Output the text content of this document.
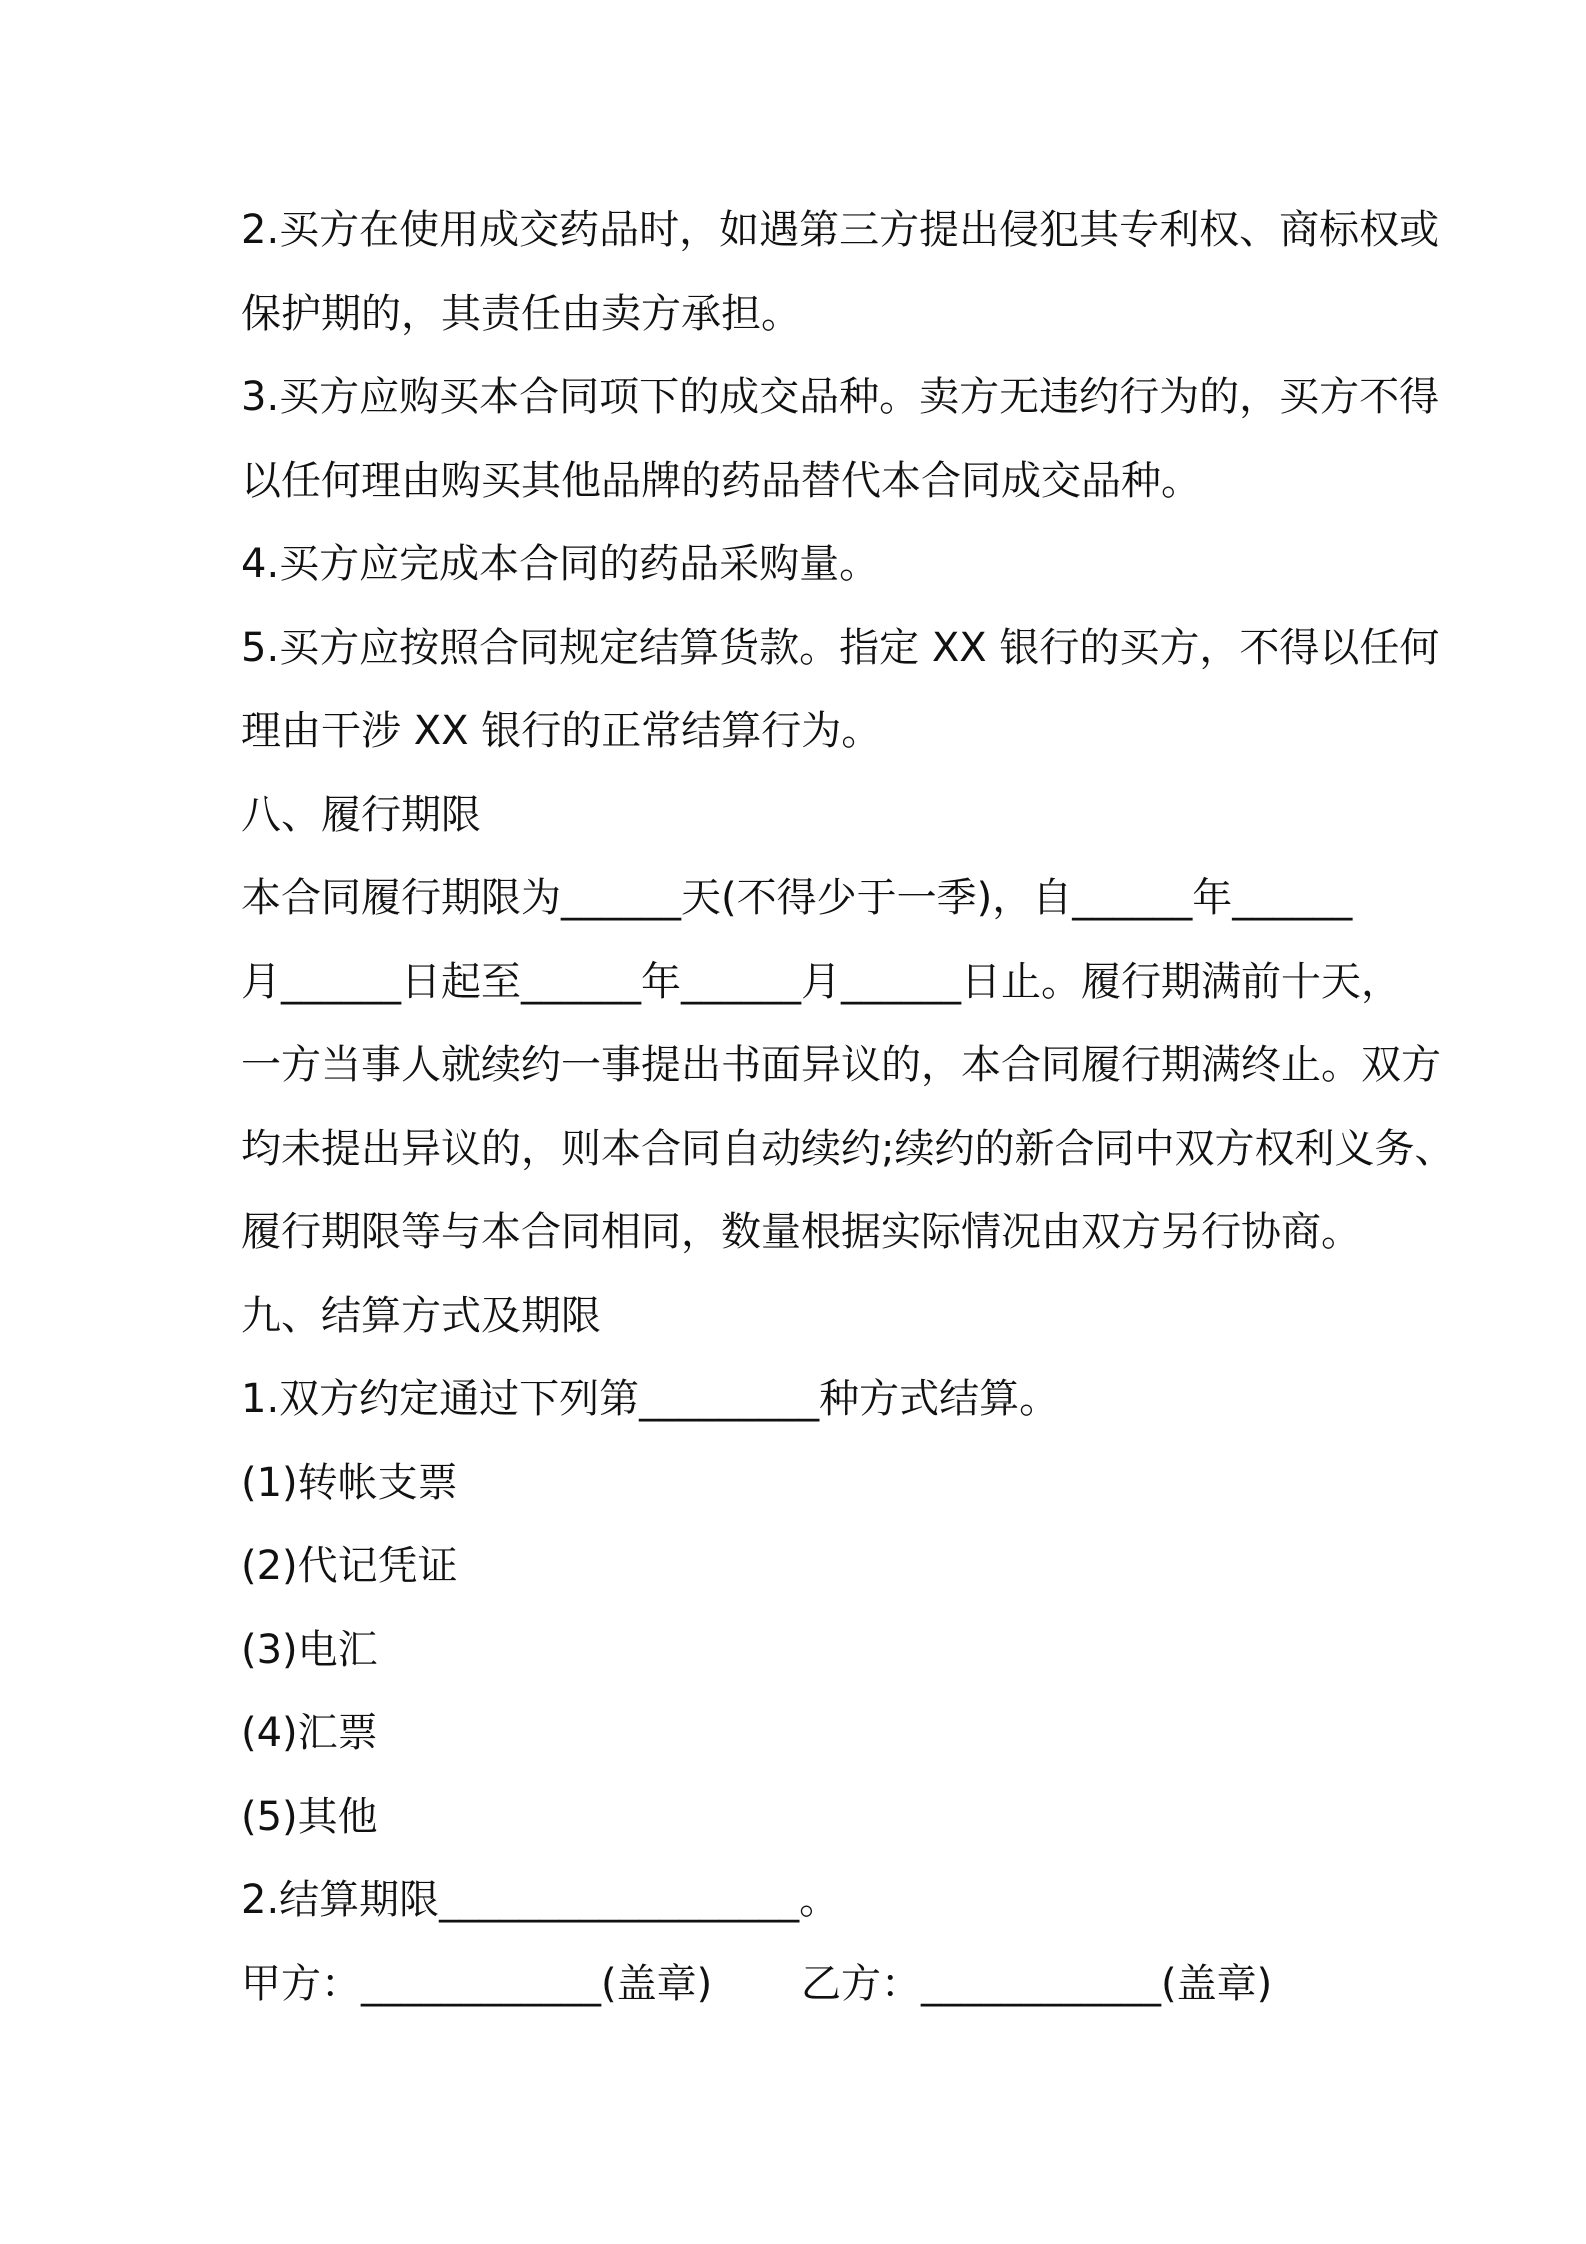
2.买方在使用成交药品时，如遇第三方提出侵犯其专利权、商标权或
保护期的，其责任由卖方承担。
3.买方应购买本合同项下的成交品种。卖方无违约行为的，买方不得
以任何理由购买其他品牌的药品替代本合同成交品种。
4.买方应完成本合同的药品采购量。
5.买方应按照合同规定结算货款。指定 XX 银行的买方，不得以任何
理由干涉 XX 银行的正常结算行为。
八、履行期限
本合同履行期限为______天(不得少于一季)，自______年______
月______日起至______年______月______日止。履行期满前十天，
一方当事人就续约一事提出书面异议的，本合同履行期满终止。双方
均未提出异议的，则本合同自动续约;续约的新合同中双方权利义务、
履行期限等与本合同相同，数量根据实际情况由双方另行协商。
九、结算方式及期限
1.双方约定通过下列第_________种方式结算。
(1)转帐支票
(2)代记凭证
(3)电汇
(4)汇票
(5)其他
2.结算期限__________________。
甲方：____________(盖章)	乙方：____________(盖章)
